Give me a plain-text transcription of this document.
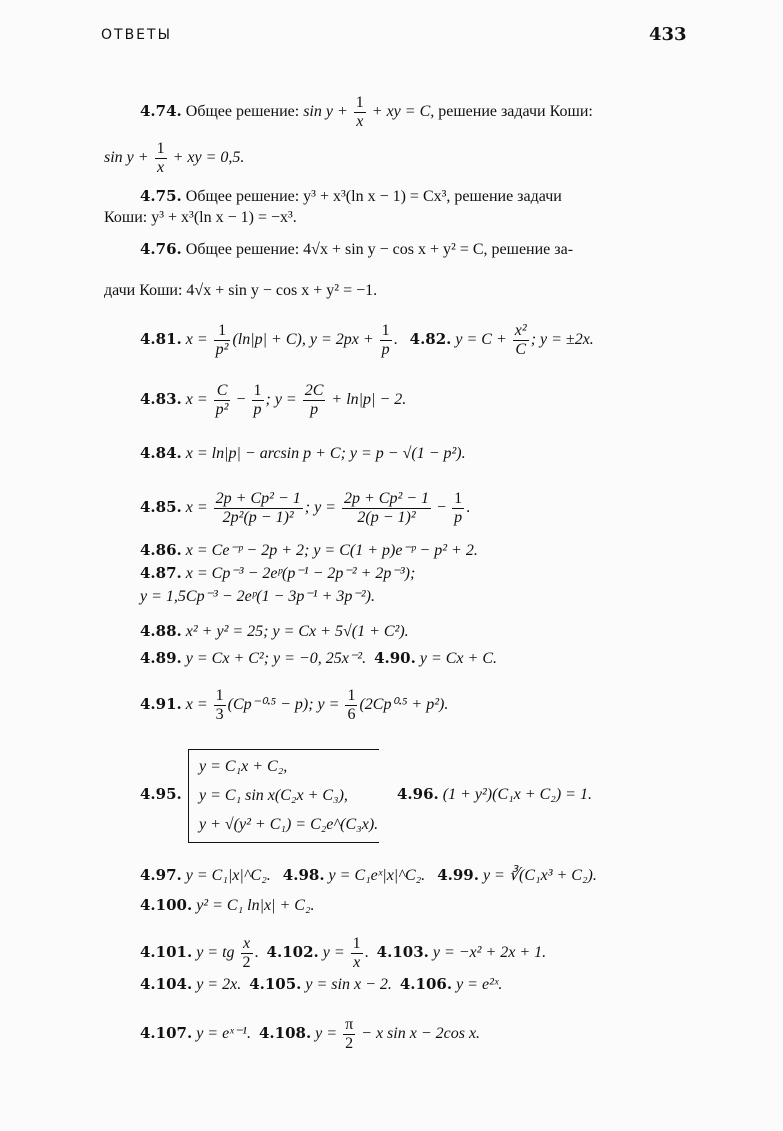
ОТВЕТЫ	433
4.74. Общее решение: $\sin y + \frac{1}{x}$ + xy = C, решение задачи Коши:
$\sin y + \frac{1}{x}$ + xy = 0,5.
4.75. Общее решение: y³ + x³(ln x − 1) = Cx³, решение задачи
Коши: y³ + x³(ln x − 1) = −x³.
4.76. Общее решение: 4√x + sin y − cos x + y² = C, решение за-
дачи Коши: 4√x + sin y − cos x + y² = −1.
4.81. $x = \frac{1}{\text{p²}} (\ln|p| + C)$, $y = 2px + \frac{1}{p}$ . 4.82. $y = C + \frac{\text{x²}}{C}$ ; y = ±2x.
4.83. $x = \frac{C}{\text{p²}} - \frac{1}{p}$ ; $y = \frac{2C}{p} + \ln|p| - 2$.
4.84. x = ln|p| − arcsin p + C; y = p − √(1 − p²).
4.85. $x = \frac{\text{2p + Cp² − 1}}{\text{2p²(p − 1)²}}$ ; $y = \frac{\text{2p + Cp² − 1}}{\text{2(p − 1)²}} - \frac{1}{p}$ .
4.86. x = Ce⁻ᵖ − 2p + 2; y = C(1 + p)e⁻ᵖ − p² + 2.
4.87. x = Cp⁻³ − 2eᵖ(p⁻¹ − 2p⁻² + 2p⁻³);
y = 1,5Cp⁻³ − 2eᵖ(1 − 3p⁻¹ + 3p⁻²).
4.88. x² + y² = 25; y = Cx + 5√(1 + C²).
4.89. y = Cx + C²; y = −0, 25x⁻². 4.90. y = Cx + C.
4.91. $x = \frac{1}{3} (Cp^{-0}\cdot^5 - p)$; $y = \frac{1}{6} (2Cp^0\cdot^5 + p^2)$.
4.95.
y = C₁x + C₂,
y = C₁ sin x(C₂x + C₃),
y + √(y² + C₁) = C₂e^(C₃x).
4.96. (1 + y²)(C₁x + C₂) = 1.
4.97. y = C₁|x|^C₂. 4.98. y = C₁eˣ|x|^C₂. 4.99. y = ∛(C₁x³ + C₂).
4.100. y² = C₁ ln|x| + C₂.
4.101. y = tg $\frac{x}{2}$ . 4.102. $y = \frac{1}{x}$ . 4.103. y = −x² + 2x + 1.
4.104. y = 2x. 4.105. y = sin x − 2. 4.106. y = e²ˣ.
4.107. y = eˣ⁻¹. 4.108. $y = \frac{\pi}{2} - x$ sin x − 2cos x.
